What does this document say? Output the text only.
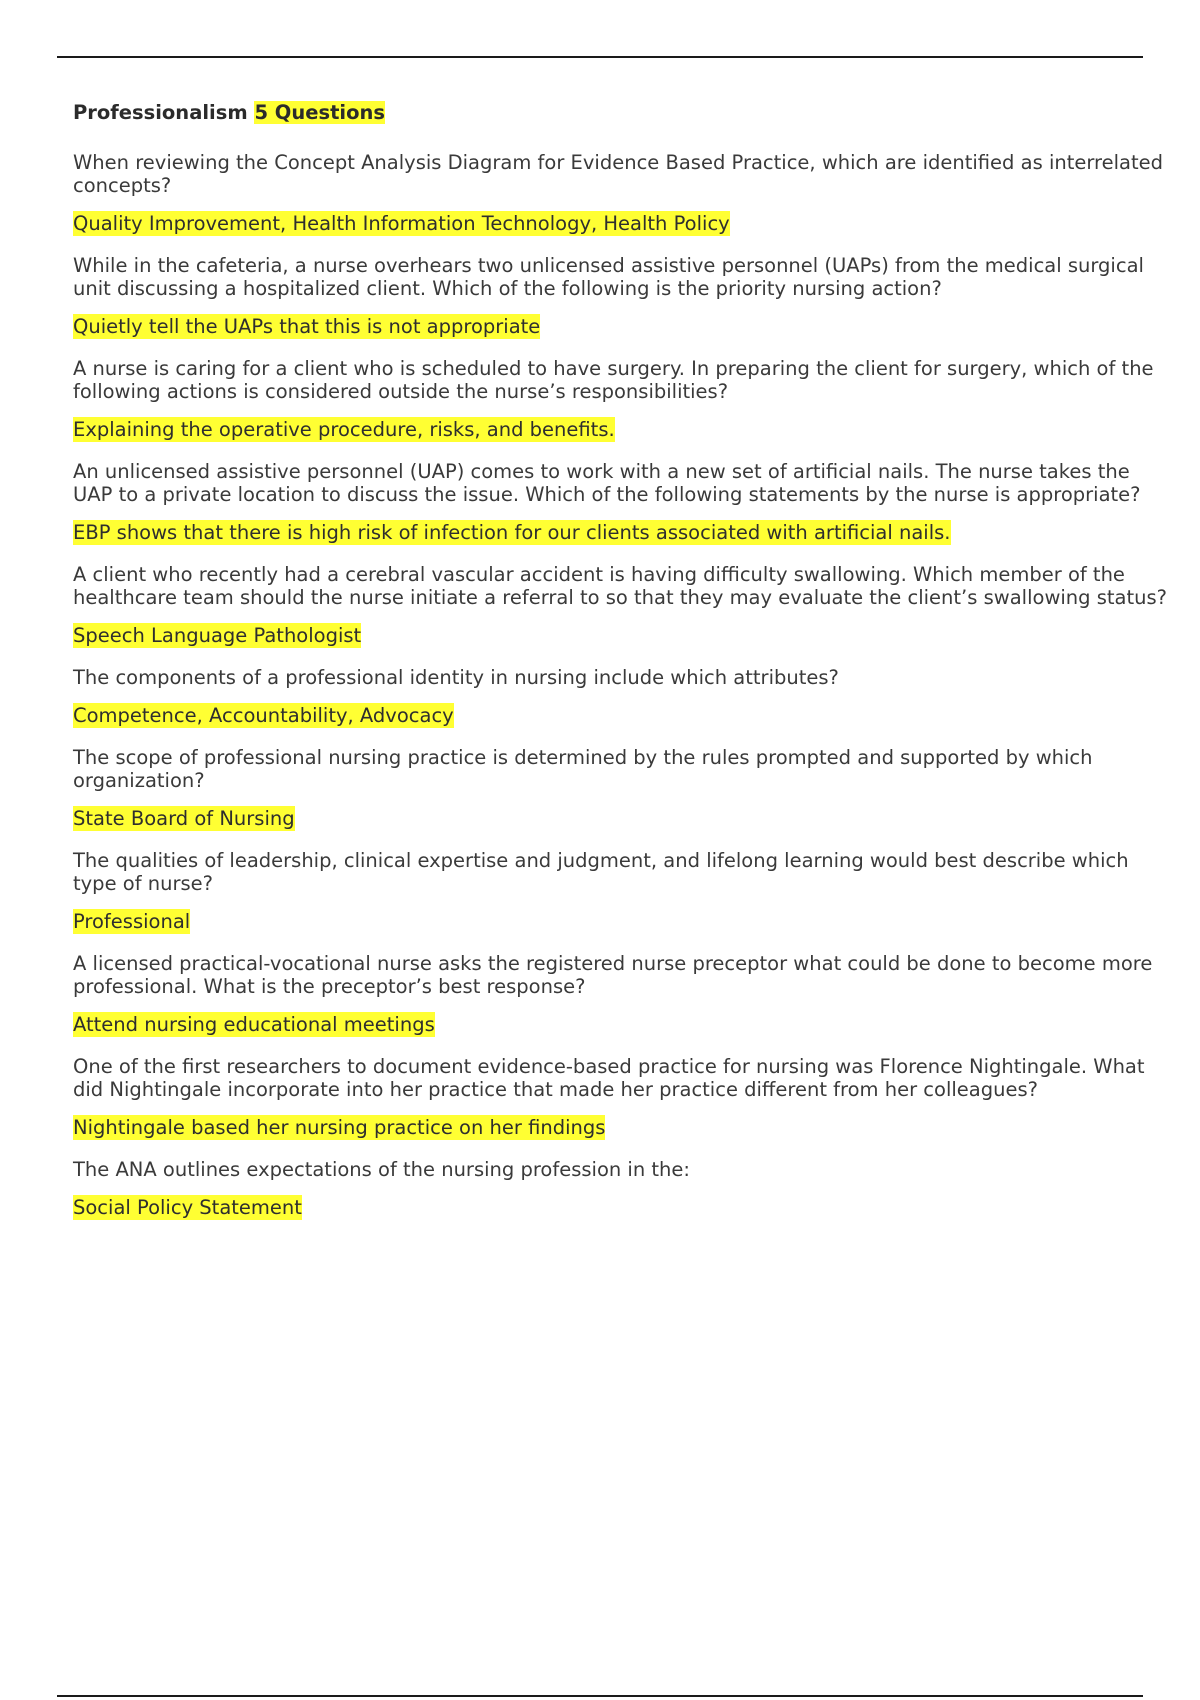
Professionalism 5 Questions

When reviewing the Concept Analysis Diagram for Evidence Based Practice, which are identified as interrelated concepts?

Quality Improvement, Health Information Technology, Health Policy

While in the cafeteria, a nurse overhears two unlicensed assistive personnel (UAPs) from the medical surgical unit discussing a hospitalized client. Which of the following is the priority nursing action?

Quietly tell the UAPs that this is not appropriate

A nurse is caring for a client who is scheduled to have surgery. In preparing the client for surgery, which of the following actions is considered outside the nurse’s responsibilities?

Explaining the operative procedure, risks, and benefits.

An unlicensed assistive personnel (UAP) comes to work with a new set of artificial nails. The nurse takes the UAP to a private location to discuss the issue. Which of the following statements by the nurse is appropriate?

EBP shows that there is high risk of infection for our clients associated with artificial nails.

A client who recently had a cerebral vascular accident is having difficulty swallowing. Which member of the healthcare team should the nurse initiate a referral to so that they may evaluate the client’s swallowing status?

Speech Language Pathologist

The components of a professional identity in nursing include which attributes?

Competence, Accountability, Advocacy

The scope of professional nursing practice is determined by the rules prompted and supported by which organization?

State Board of Nursing

The qualities of leadership, clinical expertise and judgment, and lifelong learning would best describe which type of nurse?

Professional

A licensed practical-vocational nurse asks the registered nurse preceptor what could be done to become more professional. What is the preceptor’s best response?

Attend nursing educational meetings

One of the first researchers to document evidence-based practice for nursing was Florence Nightingale. What did Nightingale incorporate into her practice that made her practice different from her colleagues?

Nightingale based her nursing practice on her findings

The ANA outlines expectations of the nursing profession in the:

Social Policy Statement
